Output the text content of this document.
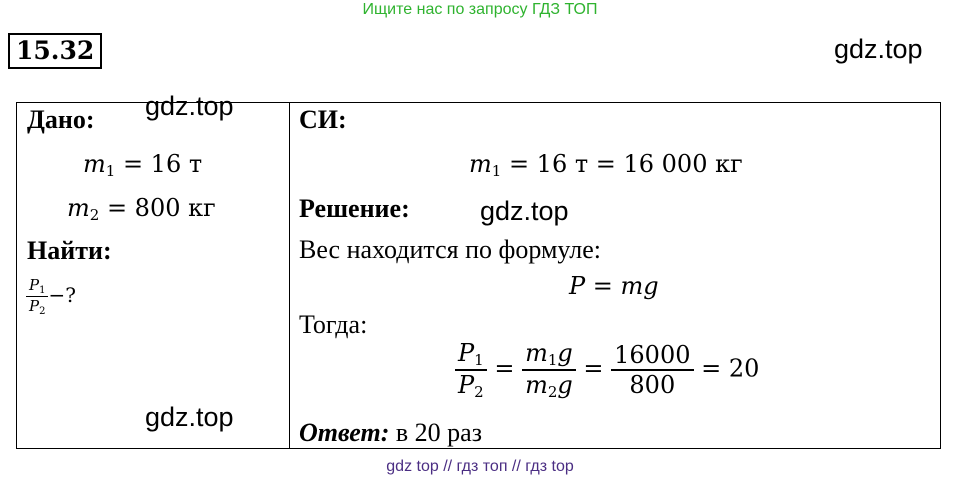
Ищите нас по запросу ГДЗ ТОП
15.32	gdz.top
Дано:
$m_1 = 16$ т
$m_2 = 800$ кг
Найти:
$\frac{P_1}{P_2}$ −?
СИ:
$m_1 = 16$ т = 16 000 кг
Решение:
Вес находится по формуле:
P = mg
Тогда:
$\frac{P_1}{P_2} = \frac{m_1g}{m_2g} = \frac{16000}{800} = 20$
Ответ: в 20 раз
gdz.top
gdz.top
gdz.top
gdz top // гдз топ // гдз top
